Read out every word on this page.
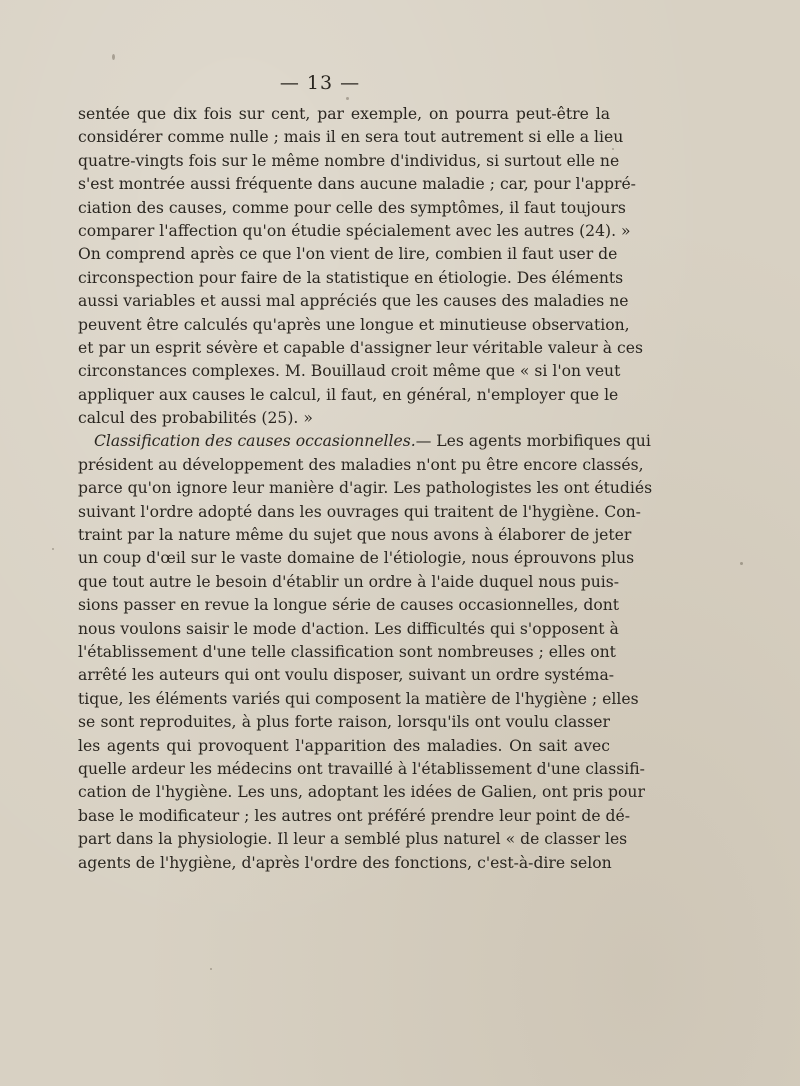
— 13 —
sentée que dix fois sur cent, par exemple, on pourra peut-être la
considérer comme nulle ; mais il en sera tout autrement si elle a lieu
quatre-vingts fois sur le même nombre d'individus, si surtout elle ne
s'est montrée aussi fréquente dans aucune maladie ; car, pour l'appré-
ciation des causes, comme pour celle des symptômes, il faut toujours
comparer l'affection qu'on étudie spécialement avec les autres (24). »
On comprend après ce que l'on vient de lire, combien il faut user de
circonspection pour faire de la statistique en étiologie. Des éléments
aussi variables et aussi mal appréciés que les causes des maladies ne
peuvent être calculés qu'après une longue et minutieuse observation,
et par un esprit sévère et capable d'assigner leur véritable valeur à ces
circonstances complexes. M. Bouillaud croit même que « si l'on veut
appliquer aux causes le calcul, il faut, en général, n'employer que le
calcul des probabilités (25). »
Classification des causes occasionnelles.— Les agents morbifiques qui
président au développement des maladies n'ont pu être encore classés,
parce qu'on ignore leur manière d'agir. Les pathologistes les ont étudiés
suivant l'ordre adopté dans les ouvrages qui traitent de l'hygiène. Con-
traint par la nature même du sujet que nous avons à élaborer de jeter
un coup d'œil sur le vaste domaine de l'étiologie, nous éprouvons plus
que tout autre le besoin d'établir un ordre à l'aide duquel nous puis-
sions passer en revue la longue série de causes occasionnelles, dont
nous voulons saisir le mode d'action. Les difficultés qui s'opposent à
l'établissement d'une telle classification sont nombreuses ; elles ont
arrêté les auteurs qui ont voulu disposer, suivant un ordre systéma-
tique, les éléments variés qui composent la matière de l'hygiène ; elles
se sont reproduites, à plus forte raison, lorsqu'ils ont voulu classer
les agents qui provoquent l'apparition des maladies. On sait avec
quelle ardeur les médecins ont travaillé à l'établissement d'une classifi-
cation de l'hygiène. Les uns, adoptant les idées de Galien, ont pris pour
base le modificateur ; les autres ont préféré prendre leur point de dé-
part dans la physiologie. Il leur a semblé plus naturel « de classer les
agents de l'hygiène, d'après l'ordre des fonctions, c'est-à-dire selon
